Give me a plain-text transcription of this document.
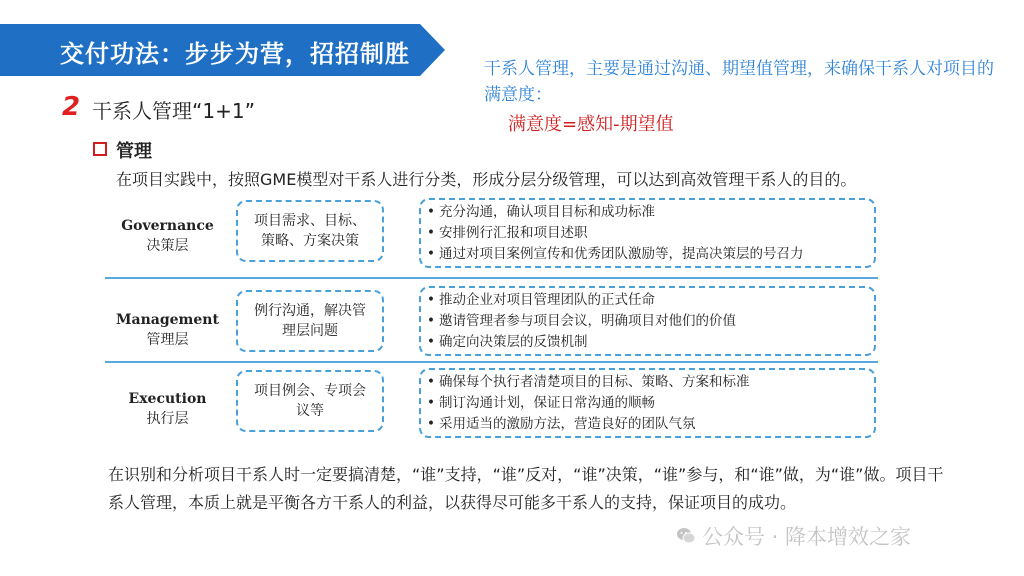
交付功法：步步为营，招招制胜
干系人管理，主要是通过沟通、期望值管理，来确保干系人对项目的满意度：
满意度=感知-期望值
2 干系人管理“1+1”
管理
在项目实践中，按照GME模型对干系人进行分类，形成分层分级管理，可以达到高效管理干系人的目的。
Governance
决策层
项目需求、目标、策略、方案决策
• 充分沟通，确认项目目标和成功标准
• 安排例行汇报和项目述职
• 通过对项目案例宣传和优秀团队激励等，提高决策层的号召力
Management
管理层
例行沟通，解决管理层问题
• 推动企业对项目管理团队的正式任命
• 邀请管理者参与项目会议，明确项目对他们的价值
• 确定向决策层的反馈机制
Execution
执行层
项目例会、专项会议等
• 确保每个执行者清楚项目的目标、策略、方案和标准
• 制订沟通计划，保证日常沟通的顺畅
• 采用适当的激励方法，营造良好的团队气氛
在识别和分析项目干系人时一定要搞清楚，“谁”支持，“谁”反对，“谁”决策，“谁”参与，和“谁”做，为“谁”做。项目干系人管理，本质上就是平衡各方干系人的利益，以获得尽可能多干系人的支持，保证项目的成功。
公众号 · 降本增效之家
